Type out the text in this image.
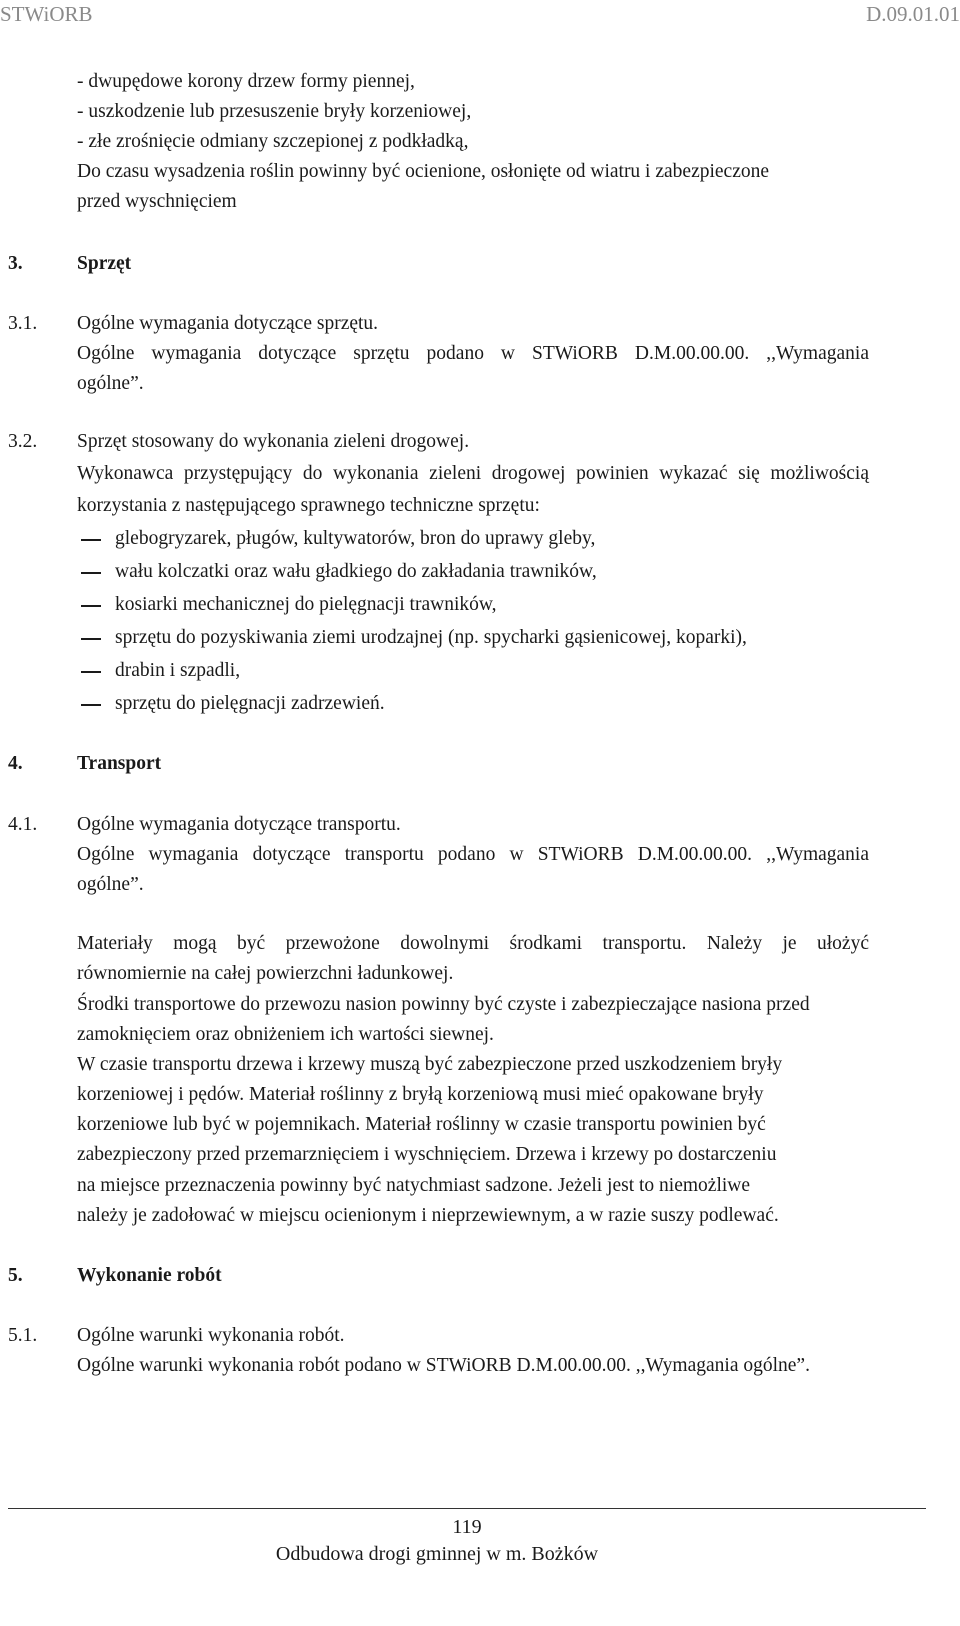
STWiORB	D.09.01.01
- dwupędowe korony drzew formy piennej,
- uszkodzenie lub przesuszenie bryły korzeniowej,
- złe zrośnięcie odmiany szczepionej z podkładką,
Do czasu wysadzenia roślin powinny być ocienione, osłonięte od wiatru i zabezpieczone
przed wyschnięciem
3.	Sprzęt
3.1. Ogólne wymagania dotyczące sprzętu.
Ogólne wymagania dotyczące sprzętu podano w STWiORB D.M.00.00.00. ,,Wymagania
ogólne”.
3.2. Sprzęt stosowany do wykonania zieleni drogowej.
Wykonawca przystępujący do wykonania zieleni drogowej powinien wykazać się możliwością
korzystania z następującego sprawnego techniczne sprzętu:
glebogryzarek, pługów, kultywatorów, bron do uprawy gleby,
wału kolczatki oraz wału gładkiego do zakładania trawników,
kosiarki mechanicznej do pielęgnacji trawników,
sprzętu do pozyskiwania ziemi urodzajnej (np. spycharki gąsienicowej, koparki),
drabin i szpadli,
sprzętu do pielęgnacji zadrzewień.
4.	Transport
4.1. Ogólne wymagania dotyczące transportu.
Ogólne wymagania dotyczące transportu podano w STWiORB D.M.00.00.00. ,,Wymagania
ogólne”.
Materiały mogą być przewożone dowolnymi środkami transportu. Należy je ułożyć
równomiernie na całej powierzchni ładunkowej.
Środki transportowe do przewozu nasion powinny być czyste i zabezpieczające nasiona przed
zamoknięciem oraz obniżeniem ich wartości siewnej.
W czasie transportu drzewa i krzewy muszą być zabezpieczone przed uszkodzeniem bryły
korzeniowej i pędów. Materiał roślinny z bryłą korzeniową musi mieć opakowane bryły
korzeniowe lub być w pojemnikach. Materiał roślinny w czasie transportu powinien być
zabezpieczony przed przemarznięciem i wyschnięciem. Drzewa i krzewy po dostarczeniu
na miejsce przeznaczenia powinny być natychmiast sadzone. Jeżeli jest to niemożliwe
należy je zadołować w miejscu ocienionym i nieprzewiewnym, a w razie suszy podlewać.
5.	Wykonanie robót
5.1. Ogólne warunki wykonania robót.
Ogólne warunki wykonania robót podano w STWiORB D.M.00.00.00. ,,Wymagania ogólne”.
119
Odbudowa drogi gminnej w m. Bożków
